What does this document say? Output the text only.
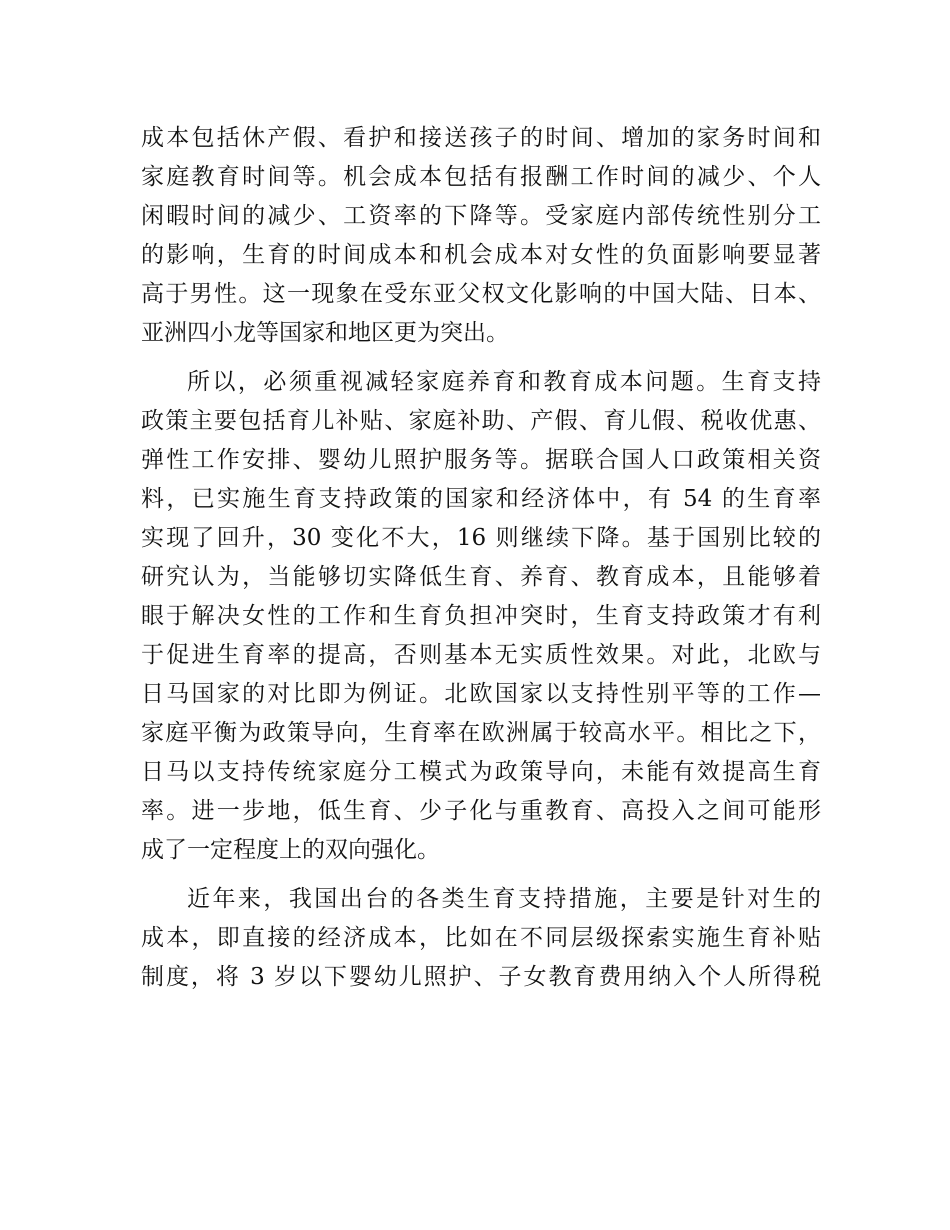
成本包括休产假、看护和接送孩子的时间、增加的家务时间和
家庭教育时间等。机会成本包括有报酬工作时间的减少、个人
闲暇时间的减少、工资率的下降等。受家庭内部传统性别分工
的影响，生育的时间成本和机会成本对女性的负面影响要显著
高于男性。这一现象在受东亚父权文化影响的中国大陆、日本、
亚洲四小龙等国家和地区更为突出。
所以，必须重视减轻家庭养育和教育成本问题。生育支持
政策主要包括育儿补贴、家庭补助、产假、育儿假、税收优惠、
弹性工作安排、婴幼儿照护服务等。据联合国人口政策相关资
料，已实施生育支持政策的国家和经济体中，有 54 的生育率
实现了回升，30 变化不大，16 则继续下降。基于国别比较的
研究认为，当能够切实降低生育、养育、教育成本，且能够着
眼于解决女性的工作和生育负担冲突时，生育支持政策才有利
于促进生育率的提高，否则基本无实质性效果。对此，北欧与
日马国家的对比即为例证。北欧国家以支持性别平等的工作—
家庭平衡为政策导向，生育率在欧洲属于较高水平。相比之下，
日马以支持传统家庭分工模式为政策导向，未能有效提高生育
率。进一步地，低生育、少子化与重教育、高投入之间可能形
成了一定程度上的双向强化。
近年来，我国出台的各类生育支持措施，主要是针对生的
成本，即直接的经济成本，比如在不同层级探索实施生育补贴
制度，将 3 岁以下婴幼儿照护、子女教育费用纳入个人所得税
